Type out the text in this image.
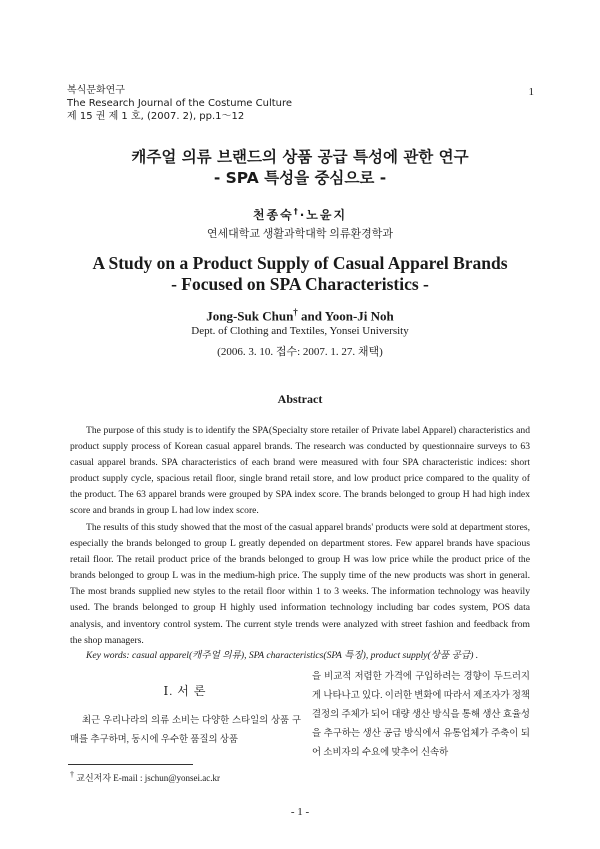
복식문화연구
The Research Journal of the Costume Culture
제 15 권 제 1 호, (2007. 2), pp.1～12
1
캐주얼 의류 브랜드의 상품 공급 특성에 관한 연구
- SPA 특성을 중심으로 -
천종숙†·노윤지
연세대학교 생활과학대학 의류환경학과
A Study on a Product Supply of Casual Apparel Brands
- Focused on SPA Characteristics -
Jong-Suk Chun† and Yoon-Ji Noh
Dept. of Clothing and Textiles, Yonsei University
(2006. 3. 10. 접수: 2007. 1. 27. 채택)
Abstract
The purpose of this study is to identify the SPA(Specialty store retailer of Private label Apparel) characteristics and product supply process of Korean casual apparel brands. The research was conducted by questionnaire surveys to 63 casual apparel brands. SPA characteristics of each brand were measured with four SPA characteristic indices: short product supply cycle, spacious retail floor, single brand retail store, and low product price compared to the quality of the product. The 63 apparel brands were grouped by SPA index score. The brands belonged to group H had high index score and brands in group L had low index score.
The results of this study showed that the most of the casual apparel brands' products were sold at department stores, especially the brands belonged to group L greatly depended on department stores. Few apparel brands have spacious retail floor. The retail product price of the brands belonged to group H was low price while the product price of the brands belonged to group L was in the medium-high price. The supply time of the new products was short in general. The most brands supplied new styles to the retail floor within 1 to 3 weeks. The information technology was heavily used. The brands belonged to group H highly used information technology including bar codes system, POS data analysis, and inventory control system. The current style trends were analyzed with street fashion and feedback from the shop managers.
Key words: casual apparel(캐주얼 의류), SPA characteristics(SPA 특징), product supply(상품 공급) .
Ⅰ. 서 론
최근 우리나라의 의류 소비는 다양한 스타일의 상품 구매를 추구하며, 동시에 우수한 품질의 상품
을 비교적 저렴한 가격에 구입하려는 경향이 두드러지게 나타나고 있다. 이러한 변화에 따라서 제조자가 정책 결정의 주체가 되어 대량 생산 방식을 통해 생산 효율성을 추구하는 생산 공급 방식에서 유통업체가 주축이 되어 소비자의 수요에 맞추어 신속하
† 교신저자 E-mail : jschun@yonsei.ac.kr
- 1 -
